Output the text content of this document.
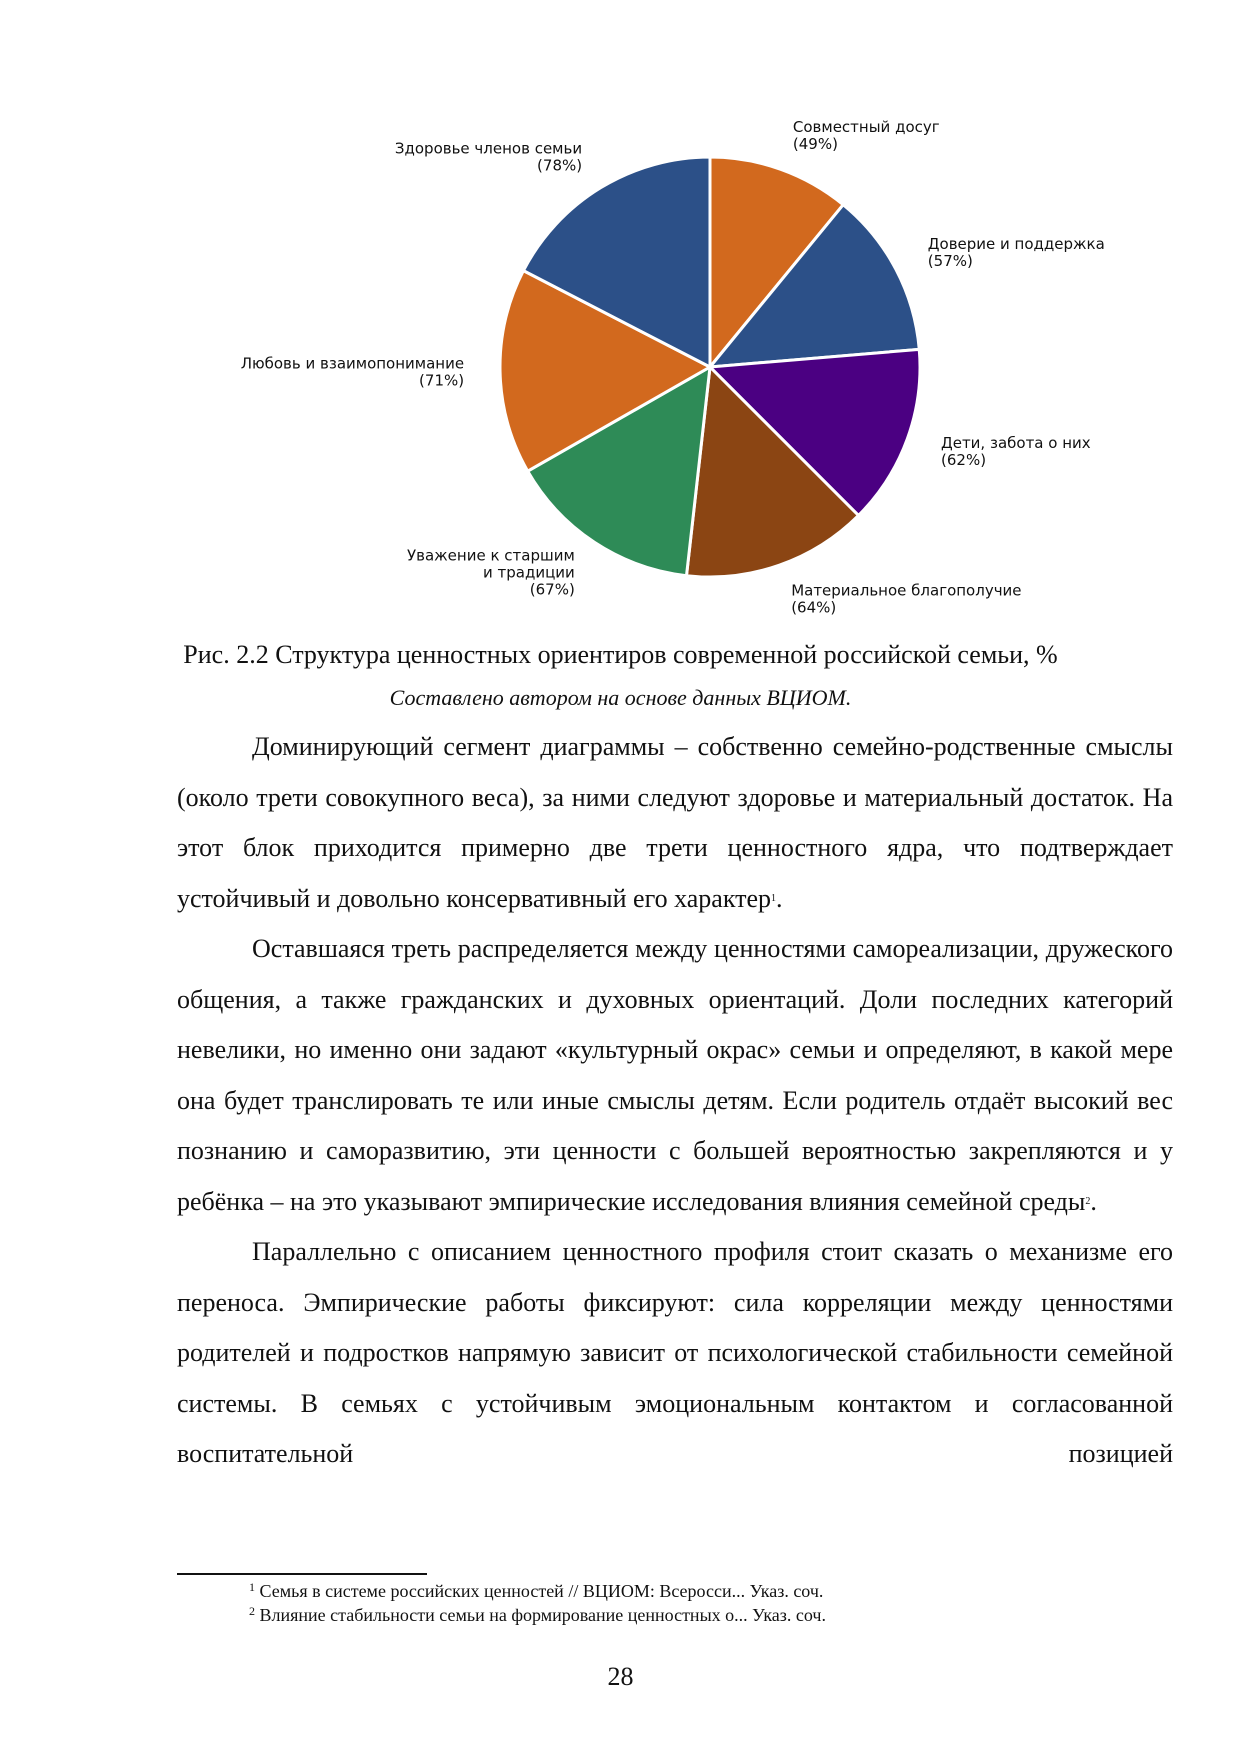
Совместный досуг (49%)
Доверие и поддержка (57%)
Дети, забота о них (62%)
Материальное благополучие (64%)
Уважение к старшим и традиции (67%)
Любовь и взаимопонимание (71%)
Здоровье членов семьи (78%)
Рис. 2.2 Структура ценностных ориентиров современной российской семьи, %
Составлено автором на основе данных ВЦИОМ.

Доминирующий сегмент диаграммы – собственно семейно-родственные смыслы (около трети совокупного веса), за ними следуют здоровье и материальный достаток. На этот блок приходится примерно две трети ценностного ядра, что подтверждает устойчивый и довольно консервативный его характер$^1$.

Оставшаяся треть распределяется между ценностями самореализации, дружеского общения, а также гражданских и духовных ориентаций. Доли последних категорий невелики, но именно они задают «культурный окрас» семьи и определяют, в какой мере она будет транслировать те или иные смыслы детям. Если родитель отдаёт высокий вес познанию и саморазвитию, эти ценности с большей вероятностью закрепляются и у ребёнка – на это указывают эмпирические исследования влияния семейной среды$^2$.

Параллельно с описанием ценностного профиля стоит сказать о механизме его переноса. Эмпирические работы фиксируют: сила корреляции между ценностями родителей и подростков напрямую зависит от психологической стабильности семейной системы. В семьях с устойчивым эмоциональным контактом и согласованной воспитательной позицией

$^1$ Семья в системе российских ценностей // ВЦИОМ: Всеросси... Указ. соч.
$^2$ Влияние стабильности семьи на формирование ценностных о... Указ. соч.
28
